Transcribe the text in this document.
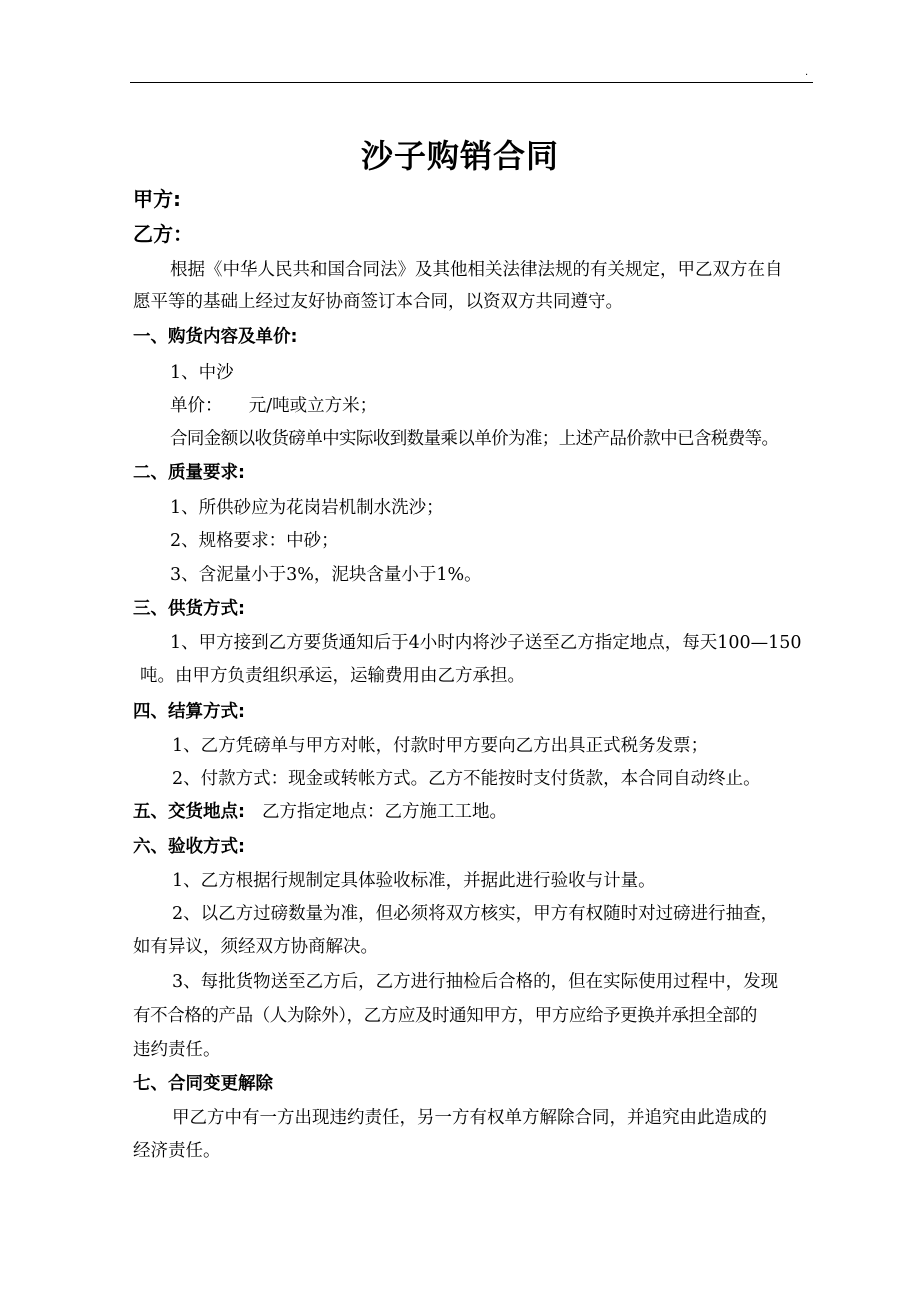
.
沙子购销合同
甲方:
乙方：
根据《中华人民共和国合同法》及其他相关法律法规的有关规定，甲乙双方在自
愿平等的基础上经过友好协商签订本合同，以资双方共同遵守。
一、购货内容及单价:
1、中沙
单价：　　元/吨或立方米；
合同金额以收货磅单中实际收到数量乘以单价为准；上述产品价款中已含税费等。
二、质量要求:
1、所供砂应为花岗岩机制水洗沙；
2、规格要求：中砂；
3、含泥量小于3%，泥块含量小于1%。
三、供货方式:
1、甲方接到乙方要货通知后于4小时内将沙子送至乙方指定地点，每天100—150
吨。由甲方负责组织承运，运输费用由乙方承担。
四、结算方式:
1、乙方凭磅单与甲方对帐，付款时甲方要向乙方出具正式税务发票；
2、付款方式：现金或转帐方式。乙方不能按时支付货款，本合同自动终止。
五、交货地点: 乙方指定地点：乙方施工工地。
六、验收方式:
1、乙方根据行规制定具体验收标准，并据此进行验收与计量。
2、以乙方过磅数量为准，但必须将双方核实，甲方有权随时对过磅进行抽查，
如有异议，须经双方协商解决。
3、每批货物送至乙方后，乙方进行抽检后合格的，但在实际使用过程中，发现
有不合格的产品（人为除外），乙方应及时通知甲方，甲方应给予更换并承担全部的
违约责任。
七、合同变更解除
甲乙方中有一方出现违约责任，另一方有权单方解除合同，并追究由此造成的
经济责任。
